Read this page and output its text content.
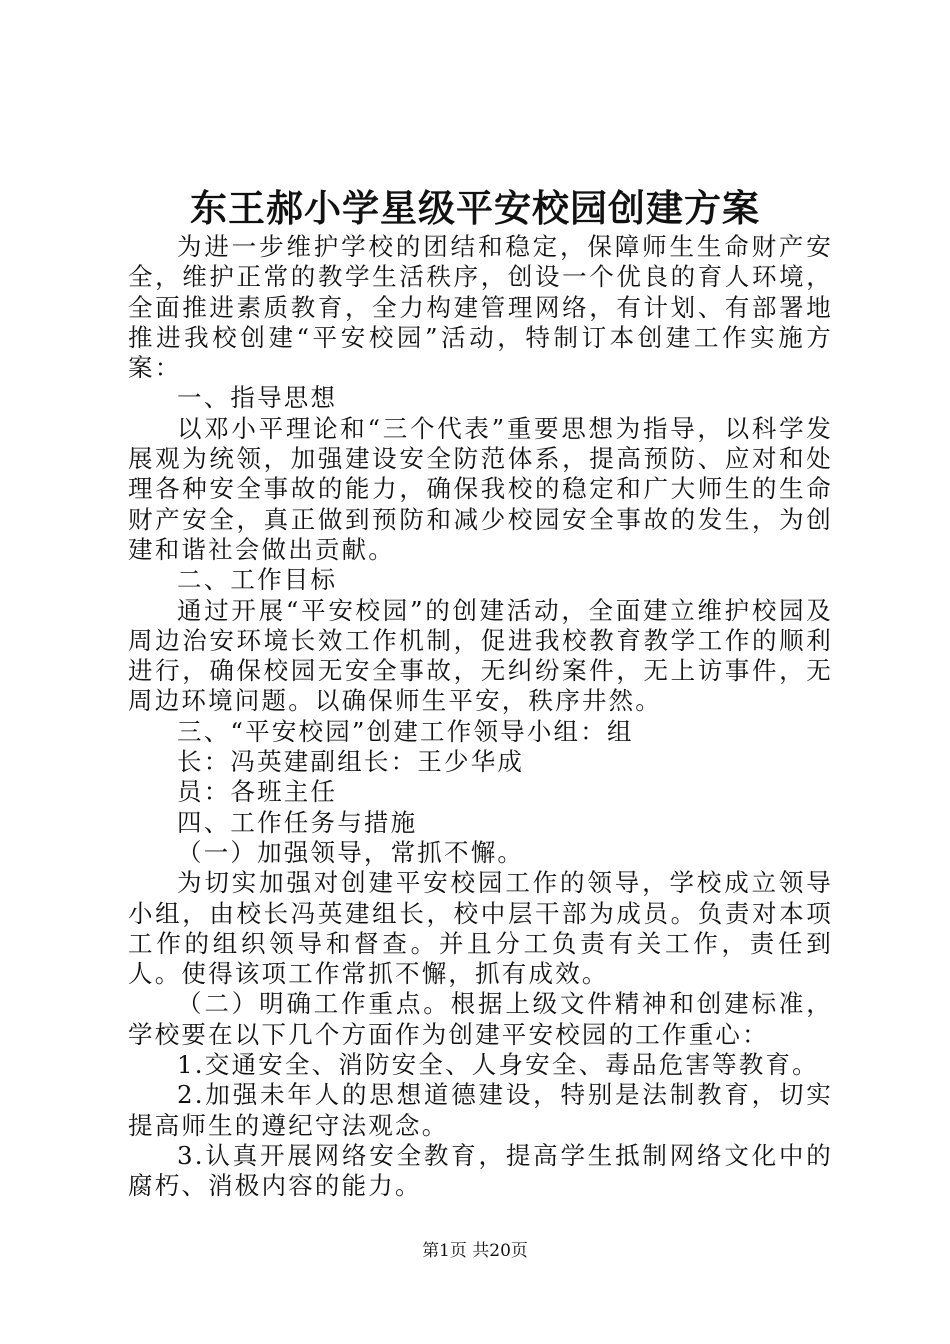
东王郝小学星级平安校园创建方案

为进一步维护学校的团结和稳定，保障师生生命财产安全，维护正常的教学生活秩序，创设一个优良的育人环境，全面推进素质教育，全力构建管理网络，有计划、有部署地推进我校创建“平安校园”活动，特制订本创建工作实施方案：

一、指导思想

以邓小平理论和“三个代表”重要思想为指导，以科学发展观为统领，加强建设安全防范体系，提高预防、应对和处理各种安全事故的能力，确保我校的稳定和广大师生的生命财产安全，真正做到预防和减少校园安全事故的发生，为创建和谐社会做出贡献。

二、工作目标

通过开展“平安校园”的创建活动，全面建立维护校园及周边治安环境长效工作机制，促进我校教育教学工作的顺利进行，确保校园无安全事故，无纠纷案件，无上访事件，无周边环境问题。以确保师生平安，秩序井然。

三、“平安校园”创建工作领导小组：组

长：冯英建副组长：王少华成

员：各班主任

四、工作任务与措施

（一）加强领导，常抓不懈。

为切实加强对创建平安校园工作的领导，学校成立领导小组，由校长冯英建组长，校中层干部为成员。负责对本项工作的组织领导和督查。并且分工负责有关工作，责任到人。使得该项工作常抓不懈，抓有成效。

（二）明确工作重点。根据上级文件精神和创建标准，学校要在以下几个方面作为创建平安校园的工作重心：

1.交通安全、消防安全、人身安全、毒品危害等教育。

2.加强未年人的思想道德建设，特别是法制教育，切实提高师生的遵纪守法观念。

3.认真开展网络安全教育，提高学生抵制网络文化中的腐朽、消极内容的能力。

第1页 共20页
